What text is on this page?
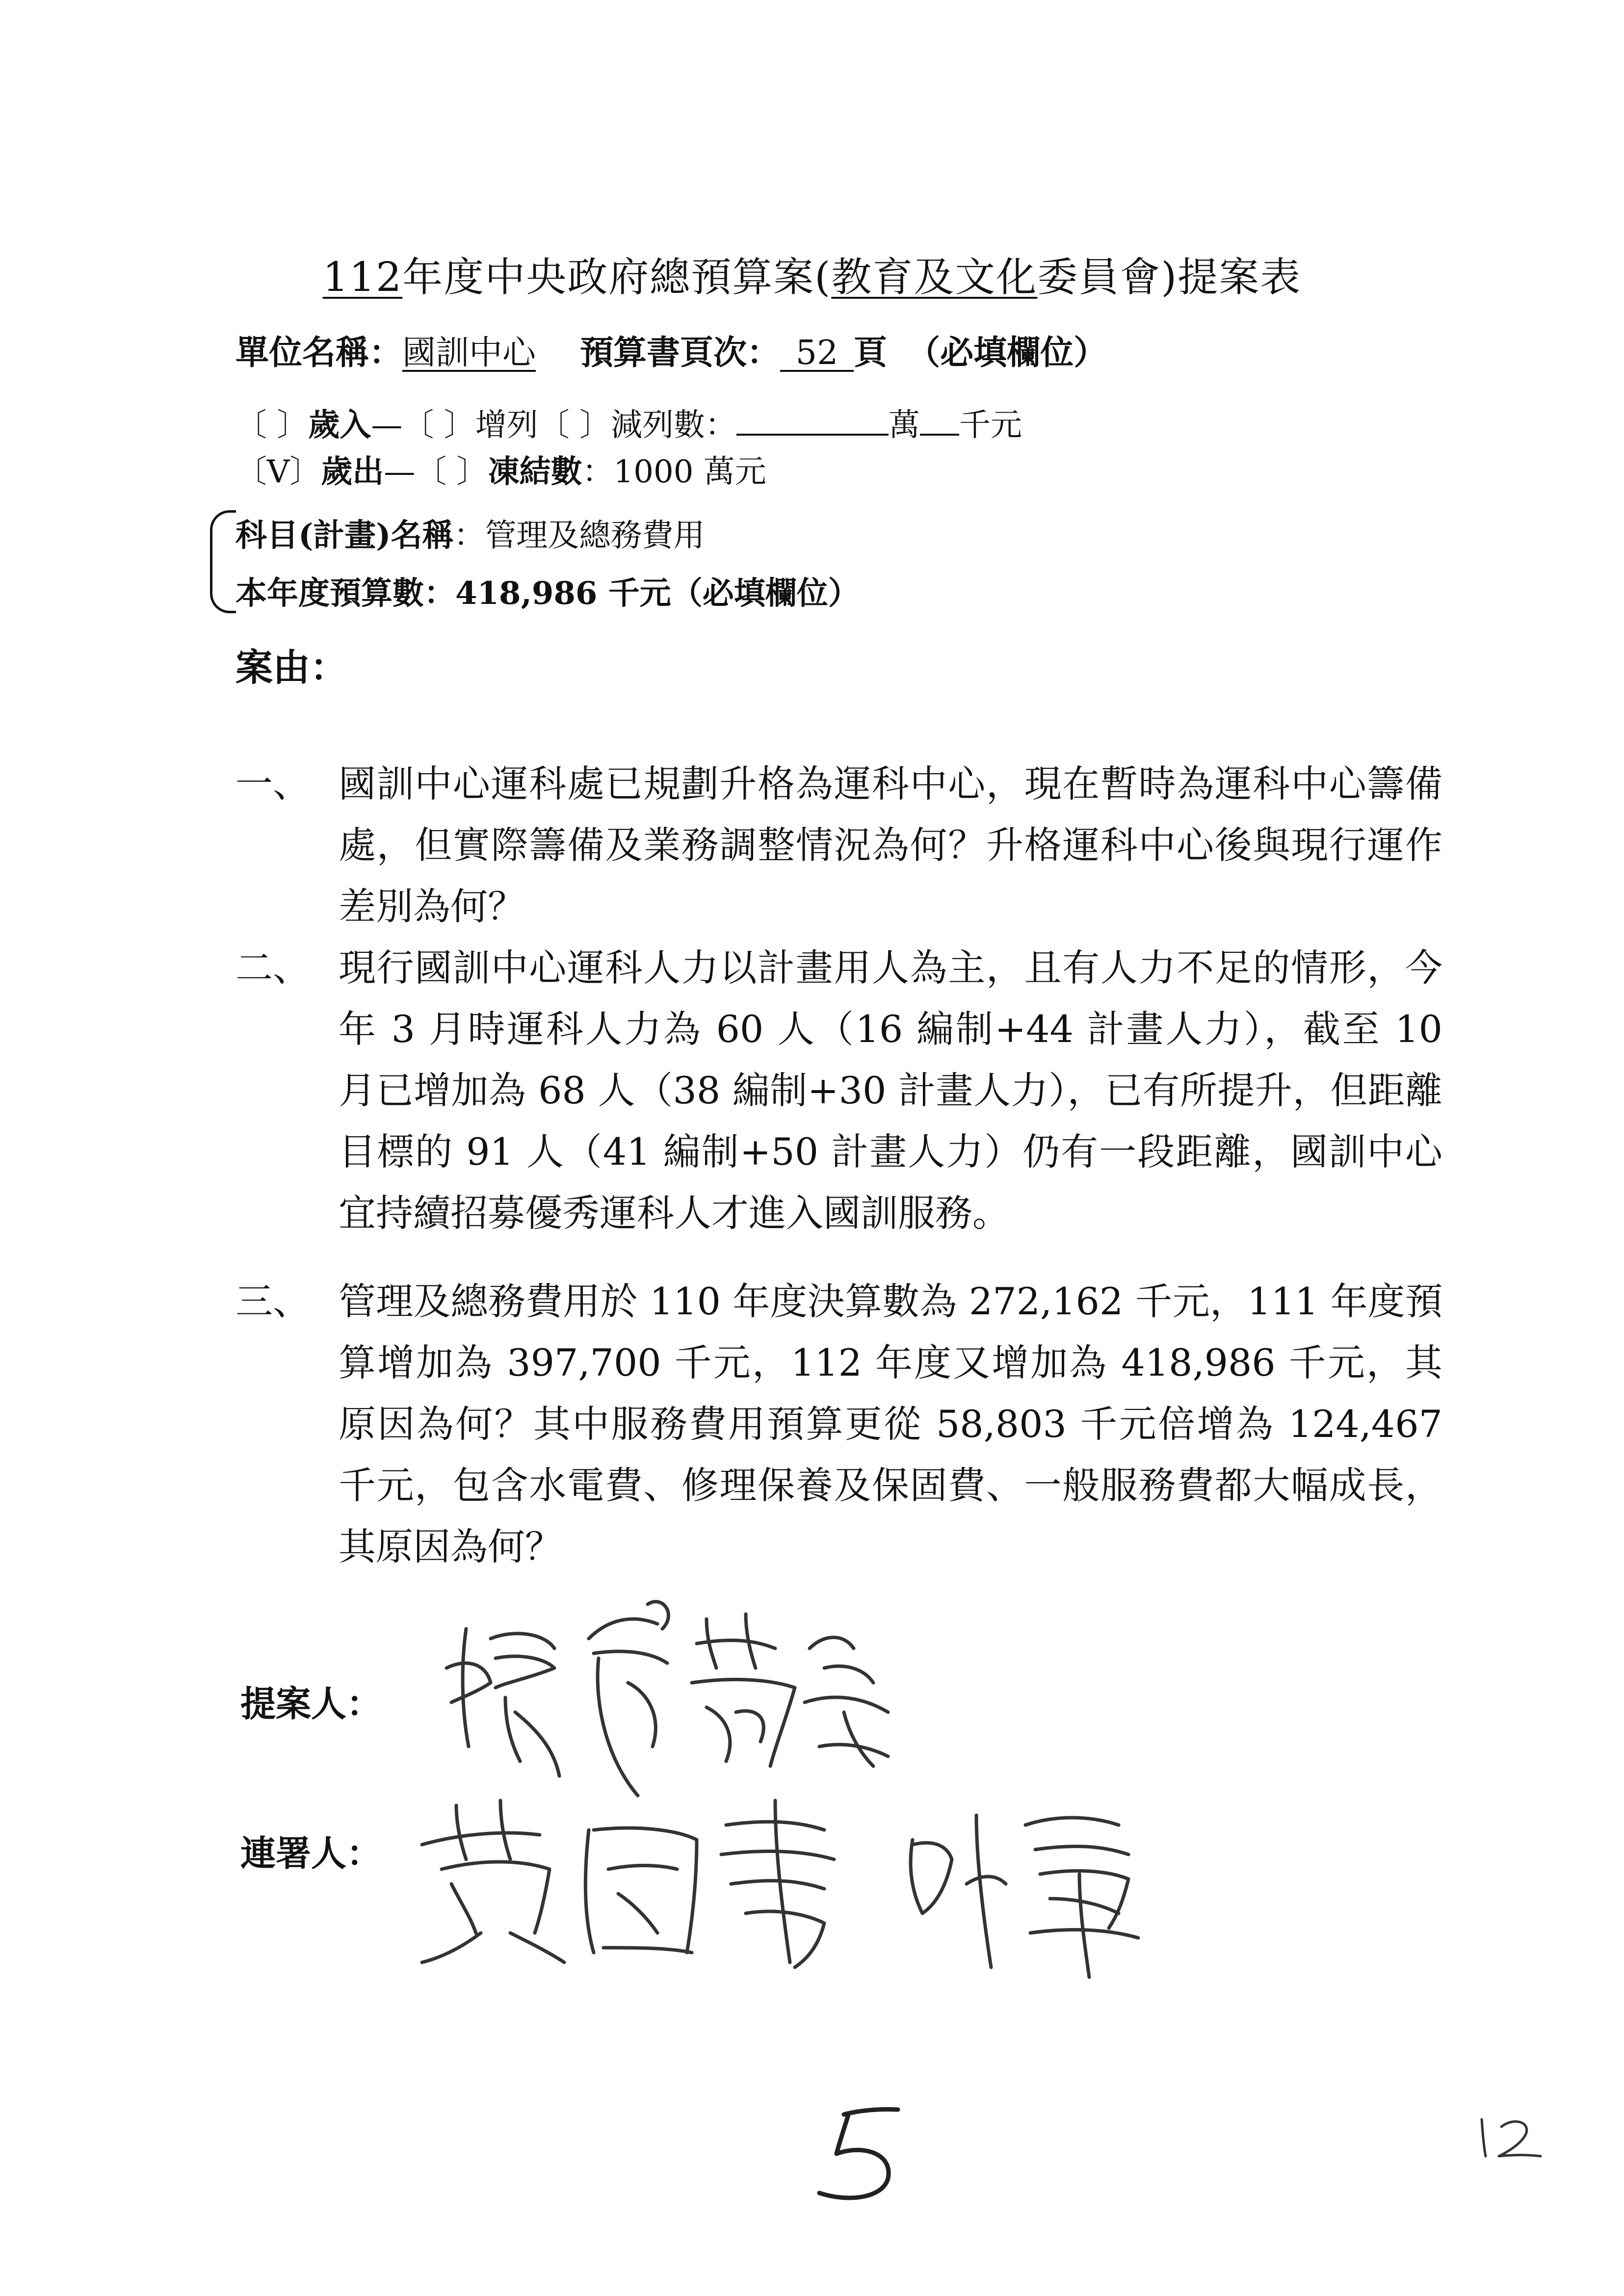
112年度中央政府總預算案(教育及文化委員會)提案表
單位名稱：國訓中心 預算書頁次： 52 頁 （必填欄位）
〔 〕歲入—〔 〕增列〔 〕減列數：	萬 千元
〔V〕歲出—〔 〕凍結數：1000 萬元
科目(計畫)名稱：管理及總務費用
本年度預算數：418,986 千元（必填欄位）
案由：
一、 國訓中心運科處已規劃升格為運科中心，現在暫時為運科中心籌備處，但實際籌備及業務調整情況為何？升格運科中心後與現行運作差別為何？
二、 現行國訓中心運科人力以計畫用人為主，且有人力不足的情形，今年 3 月時運科人力為 60 人（16 編制+44 計畫人力），截至 10 月已增加為 68 人（38 編制+30 計畫人力），已有所提升，但距離目標的 91 人（41 編制+50 計畫人力）仍有一段距離，國訓中心宜持續招募優秀運科人才進入國訓服務。
三、 管理及總務費用於 110 年度決算數為 272,162 千元，111 年度預算增加為 397,700 千元，112 年度又增加為 418,986 千元，其原因為何？其中服務費用預算更從 58,803 千元倍增為 124,467 千元，包含水電費、修理保養及保固費、一般服務費都大幅成長，其原因為何？
提案人：
連署人：
